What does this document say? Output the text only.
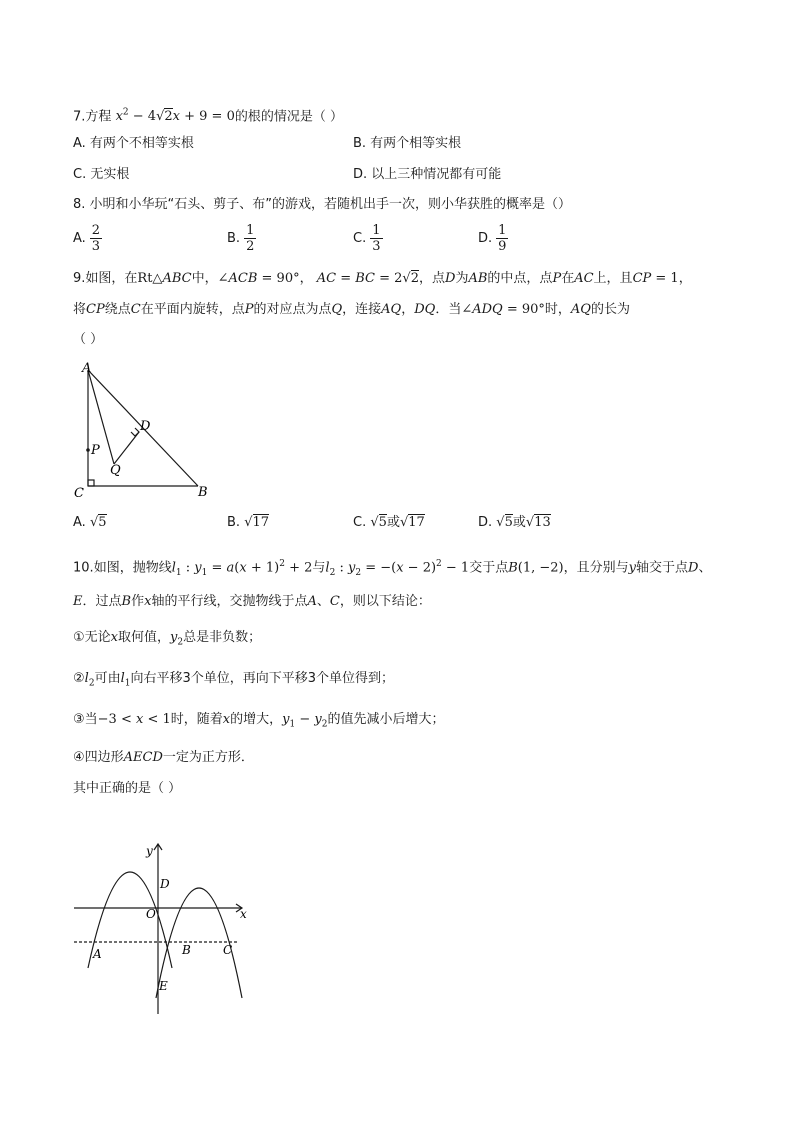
7.方程 $x^2 - 4√2x + 9 = 0$的根的情况是（ ）
A. 有两个不相等实根	B. 有两个相等实根
C. 无实根	D. 以上三种情况都有可能
8. 小明和小华玩“石头、剪子、布”的游戏，若随机出手一次，则小华获胜的概率是（）
A. $\frac{2}{3}$	B. $\frac{1}{2}$	C. $\frac{1}{3}$	D. $\frac{1}{9}$
9.如图，在Rt△ABC中，∠ACB = 90°， AC = BC = 2√2，点D为AB的中点，点P在AC上，且CP = 1，
将CP绕点C在平面内旋转，点P的对应点为点Q，连接AQ，DQ．当∠ADQ = 90°时，AQ的长为
（ ）
A
D
P
Q
C	B
A. √5	B. √17	C. √5或√17	D. √5或√13
10.如图，抛物线$l_1$ : $y_1 = a(x + 1)^2 + 2$与$l_2$ : $y_2 = -(x - 2)^2 - 1$交于点B(1, −2)，且分别与y轴交于点D、
E．过点B作x轴的平行线，交抛物线于点A、C，则以下结论：
①无论x取何值，$y_2$总是非负数；
$②l_2$可由$l_1$向右平移3个单位，再向下平移3个单位得到；
③当−3 < x < 1时，随着x的增大，$y_1 - y_2$的值先减小后增大；
④四边形AECD一定为正方形．
其中正确的是（ ）
y
x
O
D
A	B	C
E
